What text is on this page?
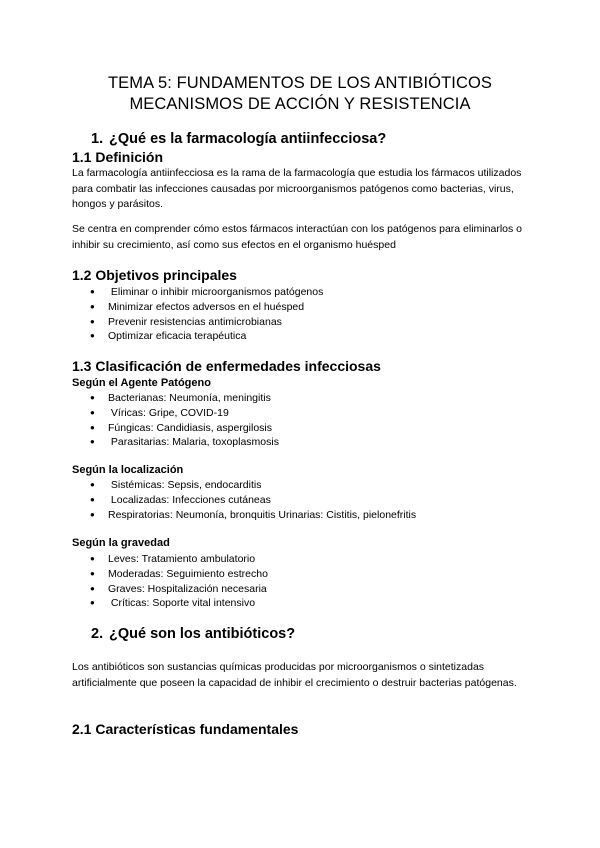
TEMA 5: FUNDAMENTOS DE LOS ANTIBIÓTICOS
MECANISMOS DE ACCIÓN Y RESISTENCIA
1. ¿Qué es la farmacología antiinfecciosa?
1.1 Definición

La farmacología antiinfecciosa es la rama de la farmacología que estudia los fármacos utilizados para combatir las infecciones causadas por microorganismos patógenos como bacterias, virus, hongos y parásitos.

Se centra en comprender cómo estos fármacos interactúan con los patógenos para eliminarlos o inhibir su crecimiento, así como sus efectos en el organismo huésped

1.2 Objetivos principales
● Eliminar o inhibir microorganismos patógenos
● Minimizar efectos adversos en el huésped
● Prevenir resistencias antimicrobianas
● Optimizar eficacia terapéutica
1.3 Clasificación de enfermedades infecciosas
Según el Agente Patógeno
● Bacterianas: Neumonía, meningitis
● Víricas: Gripe, COVID-19
● Fúngicas: Candidiasis, aspergilosis
● Parasitarias: Malaria, toxoplasmosis
Según la localización
● Sistémicas: Sepsis, endocarditis
● Localizadas: Infecciones cutáneas
● Respiratorias: Neumonía, bronquitis Urinarias: Cistitis, pielonefritis
Según la gravedad
● Leves: Tratamiento ambulatorio
● Moderadas: Seguimiento estrecho
● Graves: Hospitalización necesaria
● Críticas: Soporte vital intensivo
2. ¿Qué son los antibióticos?

Los antibióticos son sustancias químicas producidas por microorganismos o sintetizadas artificialmente que poseen la capacidad de inhibir el crecimiento o destruir bacterias patógenas.

2.1 Características fundamentales
